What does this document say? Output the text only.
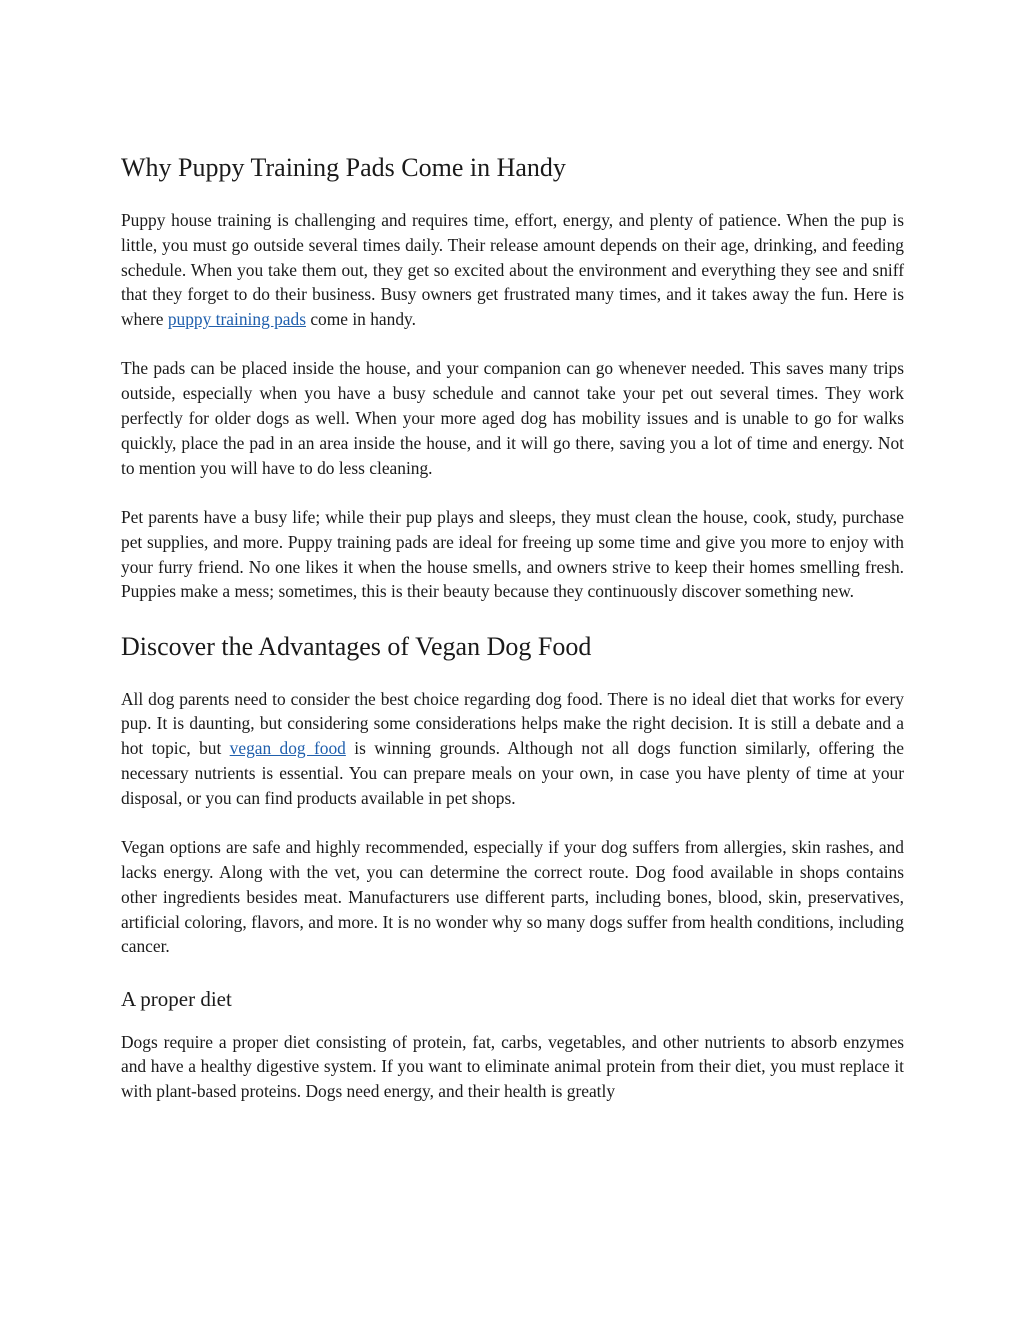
Why Puppy Training Pads Come in Handy

Puppy house training is challenging and requires time, effort, energy, and plenty of patience. When the pup is little, you must go outside several times daily. Their release amount depends on their age, drinking, and feeding schedule. When you take them out, they get so excited about the environment and everything they see and sniff that they forget to do their business. Busy owners get frustrated many times, and it takes away the fun. Here is where puppy training pads come in handy.

The pads can be placed inside the house, and your companion can go whenever needed. This saves many trips outside, especially when you have a busy schedule and cannot take your pet out several times. They work perfectly for older dogs as well. When your more aged dog has mobility issues and is unable to go for walks quickly, place the pad in an area inside the house, and it will go there, saving you a lot of time and energy. Not to mention you will have to do less cleaning.

Pet parents have a busy life; while their pup plays and sleeps, they must clean the house, cook, study, purchase pet supplies, and more. Puppy training pads are ideal for freeing up some time and give you more to enjoy with your furry friend. No one likes it when the house smells, and owners strive to keep their homes smelling fresh. Puppies make a mess; sometimes, this is their beauty because they continuously discover something new.

Discover the Advantages of Vegan Dog Food

All dog parents need to consider the best choice regarding dog food. There is no ideal diet that works for every pup. It is daunting, but considering some considerations helps make the right decision. It is still a debate and a hot topic, but vegan dog food is winning grounds. Although not all dogs function similarly, offering the necessary nutrients is essential. You can prepare meals on your own, in case you have plenty of time at your disposal, or you can find products available in pet shops.

Vegan options are safe and highly recommended, especially if your dog suffers from allergies, skin rashes, and lacks energy. Along with the vet, you can determine the correct route. Dog food available in shops contains other ingredients besides meat. Manufacturers use different parts, including bones, blood, skin, preservatives, artificial coloring, flavors, and more. It is no wonder why so many dogs suffer from health conditions, including cancer.

A proper diet

Dogs require a proper diet consisting of protein, fat, carbs, vegetables, and other nutrients to absorb enzymes and have a healthy digestive system. If you want to eliminate animal protein from their diet, you must replace it with plant-based proteins. Dogs need energy, and their health is greatly
